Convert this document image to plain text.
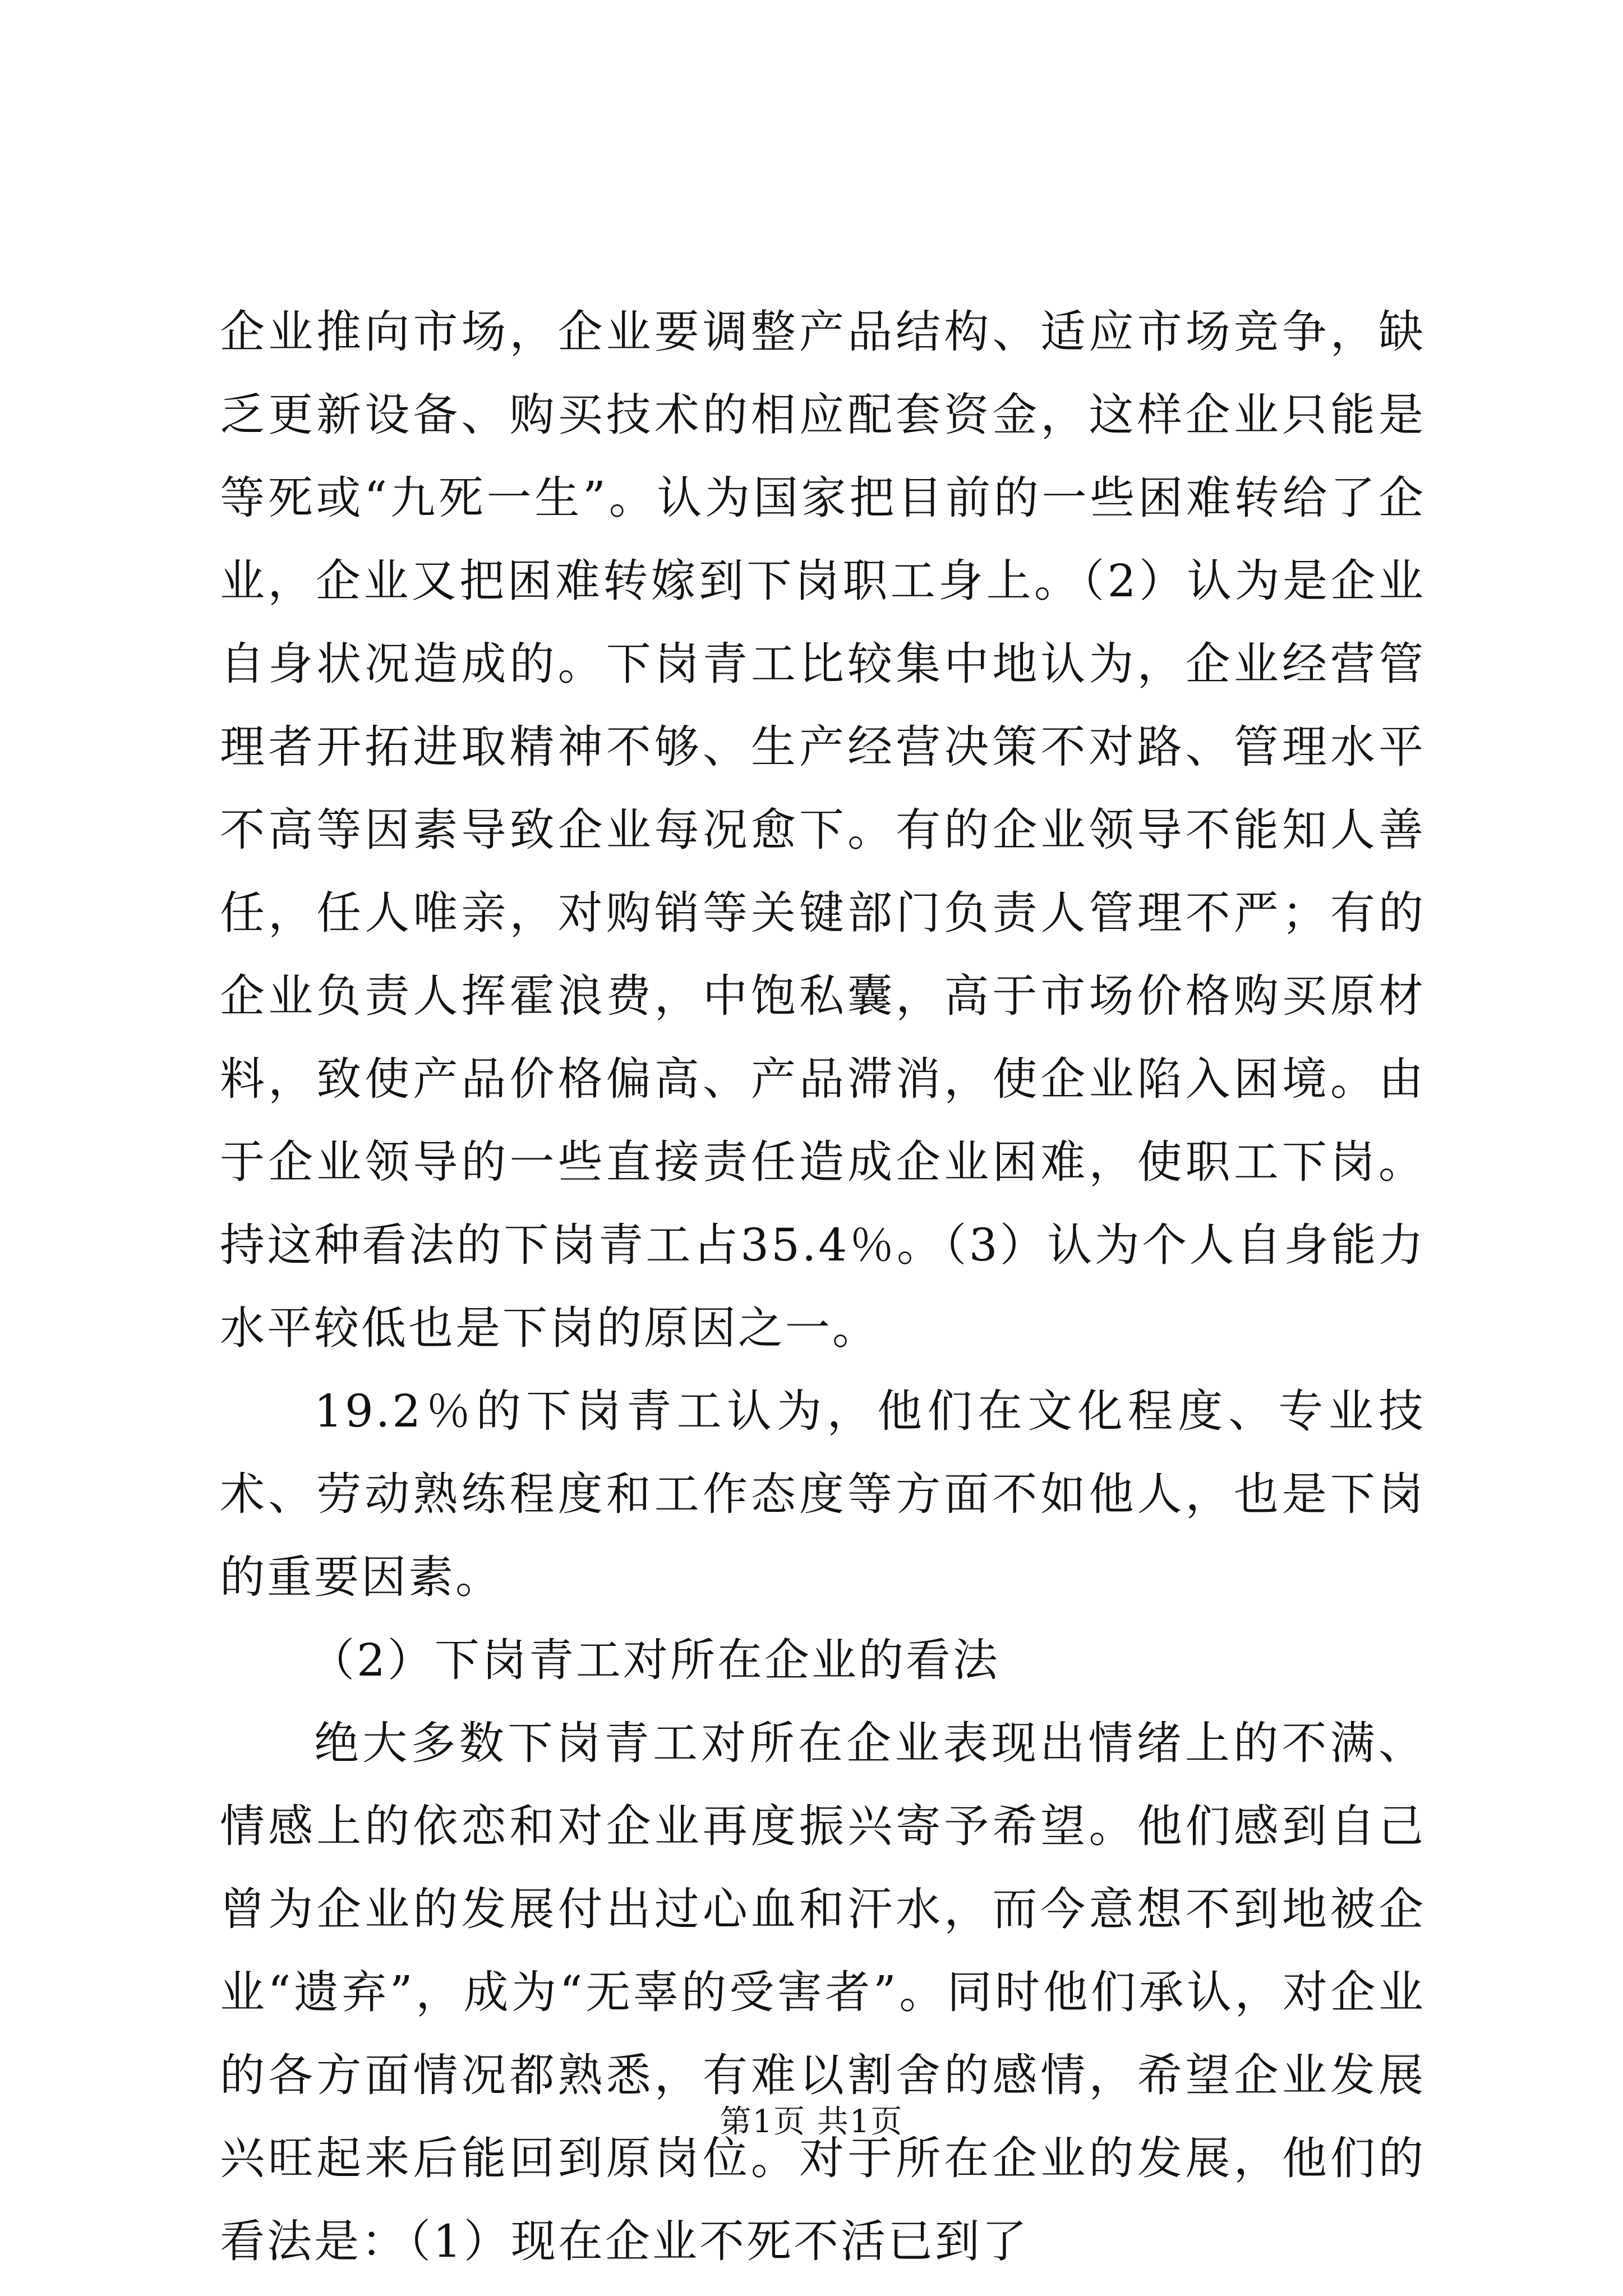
企业推向市场，企业要调整产品结构、适应市场竞争，缺乏更新设备、购买技术的相应配套资金，这样企业只能是等死或“九死一生”。认为国家把目前的一些困难转给了企业，企业又把困难转嫁到下岗职工身上。（2）认为是企业自身状况造成的。下岗青工比较集中地认为，企业经营管理者开拓进取精神不够、生产经营决策不对路、管理水平不高等因素导致企业每况愈下。有的企业领导不能知人善任，任人唯亲，对购销等关键部门负责人管理不严；有的企业负责人挥霍浪费，中饱私囊，高于市场价格购买原材料，致使产品价格偏高、产品滞消，使企业陷入困境。由于企业领导的一些直接责任造成企业困难，使职工下岗。持这种看法的下岗青工占35.4％。（3）认为个人自身能力水平较低也是下岗的原因之一。

19.2％的下岗青工认为，他们在文化程度、专业技术、劳动熟练程度和工作态度等方面不如他人，也是下岗的重要因素。

（2）下岗青工对所在企业的看法

绝大多数下岗青工对所在企业表现出情绪上的不满、情感上的依恋和对企业再度振兴寄予希望。他们感到自己曾为企业的发展付出过心血和汗水，而今意想不到地被企业“遗弃”，成为“无辜的受害者”。同时他们承认，对企业的各方面情况都熟悉，有难以割舍的感情，希望企业发展兴旺起来后能回到原岗位。对于所在企业的发展，他们的看法是：（1）现在企业不死不活已到了

第1页 共1页
